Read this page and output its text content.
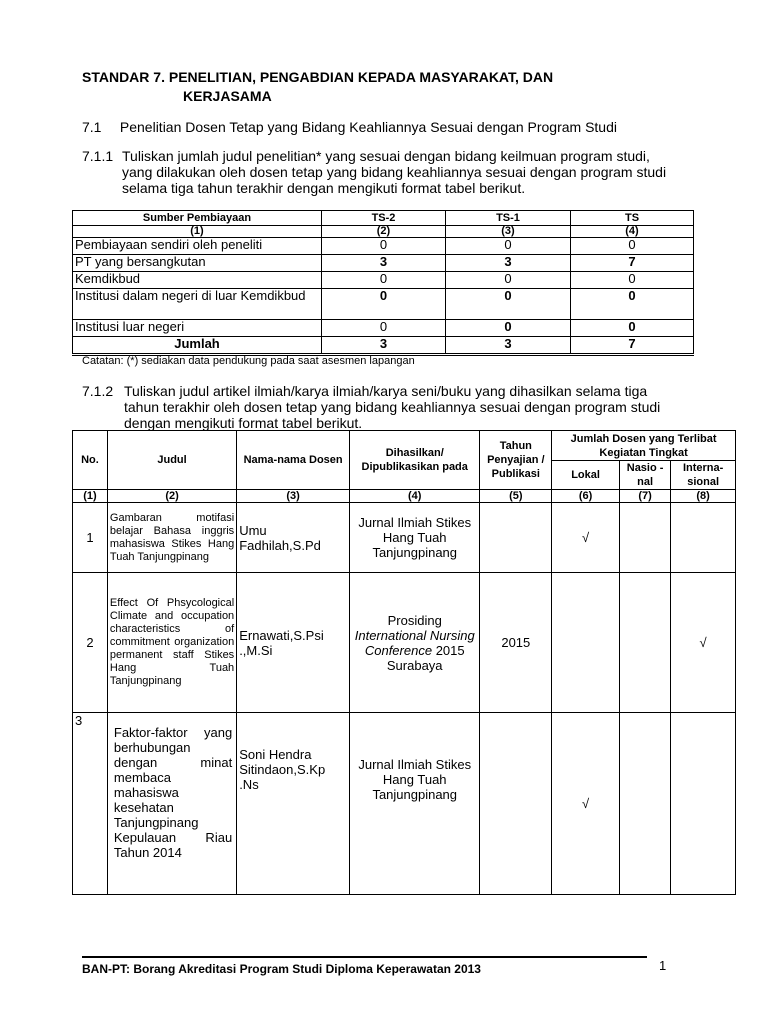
STANDAR 7. PENELITIAN, PENGABDIAN KEPADA MASYARAKAT, DAN
KERJASAMA
7.1 Penelitian Dosen Tetap yang Bidang Keahliannya Sesuai dengan Program Studi
7.1.1 Tuliskan jumlah judul penelitian* yang sesuai dengan bidang keilmuan program studi, yang dilakukan oleh dosen tetap yang bidang keahliannya sesuai dengan program studi selama tiga tahun terakhir dengan mengikuti format tabel berikut.
Sumber Pembiayaan	TS-2	TS-1	TS
(1)	(2)	(3)	(4)
Pembiayaan sendiri oleh peneliti	0	0	0
PT yang bersangkutan	3	3	7
Kemdikbud	0	0	0
Institusi dalam negeri di luar Kemdikbud	0	0	0
Institusi luar negeri	0	0	0
Jumlah	3	3	7
Catatan: (*) sediakan data pendukung pada saat asesmen lapangan
7.1.2 Tuliskan judul artikel ilmiah/karya ilmiah/karya seni/buku yang dihasilkan selama tiga tahun terakhir oleh dosen tetap yang bidang keahliannya sesuai dengan program studi dengan mengikuti format tabel berikut.
No.	Judul	Nama-nama Dosen	Dihasilkan/ Dipublikasikan pada	Tahun Penyajian / Publikasi	Jumlah Dosen yang Terlibat Kegiatan Tingkat		
					Lokal	Nasio -nal	Interna- sional
(1)	(2)	(3)	(4)	(5)	(6)	(7)	(8)
1	Gambaran motifasi belajar Bahasa inggris mahasiswa Stikes Hang Tuah Tanjungpinang	Umu Fadhilah,S.Pd	Jurnal Ilmiah Stikes Hang Tuah Tanjungpinang		√		
2	Effect Of Phsycological Climate and occupation characteristics of commitment organization permanent staff Stikes Hang Tuah Tanjungpinang	Ernawati,S.Psi .,M.Si	Prosiding
International Nursing Conference 2015 Surabaya	2015			√
3	Faktor-faktor yang berhubungan dengan minat membaca mahasiswa kesehatan Tanjungpinang Kepulauan Riau Tahun 2014	Soni Hendra Sitindaon,S.Kp .Ns	Jurnal Ilmiah Stikes Hang Tuah Tanjungpinang		√		
BAN-PT: Borang Akreditasi Program Studi Diploma Keperawatan 2013	1
